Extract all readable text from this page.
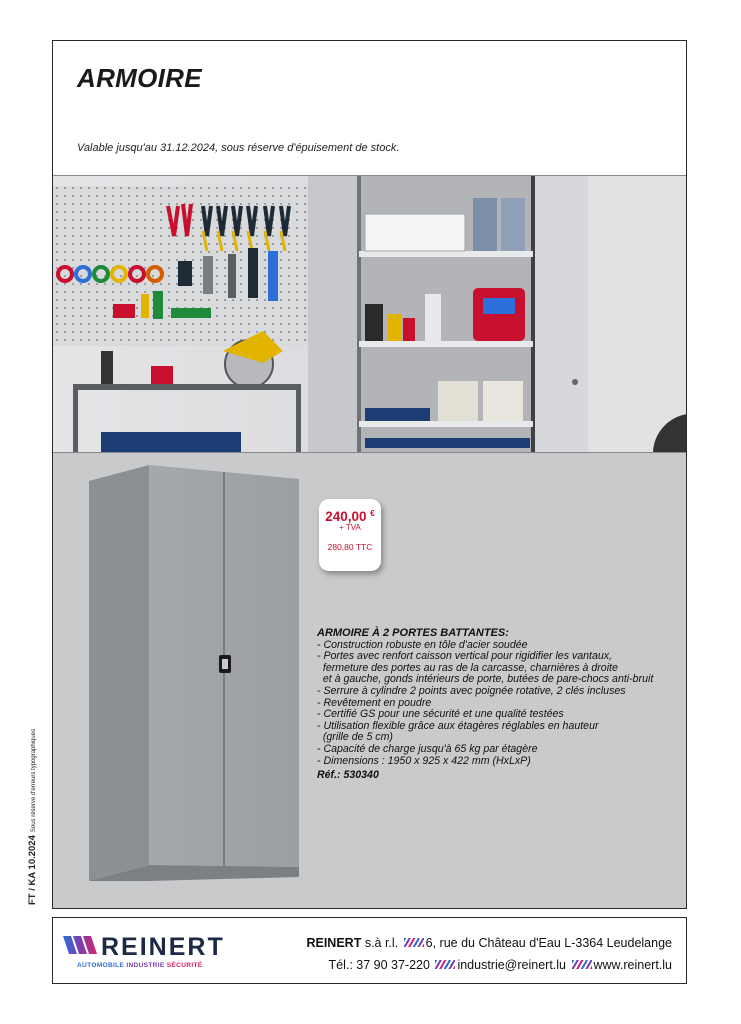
ARMOIRE

Valable jusqu'au 31.12.2024, sous réserve d'épuisement de stock.

240,00 €
+ TVA
280,80 TTC
ARMOIRE À 2 PORTES BATTANTES:
- Construction robuste en tôle d'acier soudée
- Portes avec renfort caisson vertical pour rigidifier les vantaux,
fermeture des portes au ras de la carcasse, charnières à droite
et à gauche, gonds intérieurs de porte, butées de pare-chocs anti-bruit
- Serrure à cylindre 2 points avec poignée rotative, 2 clés incluses
- Revêtement en poudre
- Certifié GS pour une sécurité et une qualité testées
- Utilisation flexible grâce aux étagères réglables en hauteur
(grille de 5 cm)
- Capacité de charge jusqu'à 65 kg par étagère
- Dimensions : 1950 x 925 x 422 mm (HxLxP)
Réf.: 530340
FT / KA 10.2024Sous réserve d'erreurs typographiques
REINERT
AUTOMOBILE INDUSTRIE SÉCURITÉ
REINERT s.à r.l. 6, rue du Château d'Eau L-3364 Leudelange
Tél.: 37 90 37-220 industrie@reinert.lu www.reinert.lu
